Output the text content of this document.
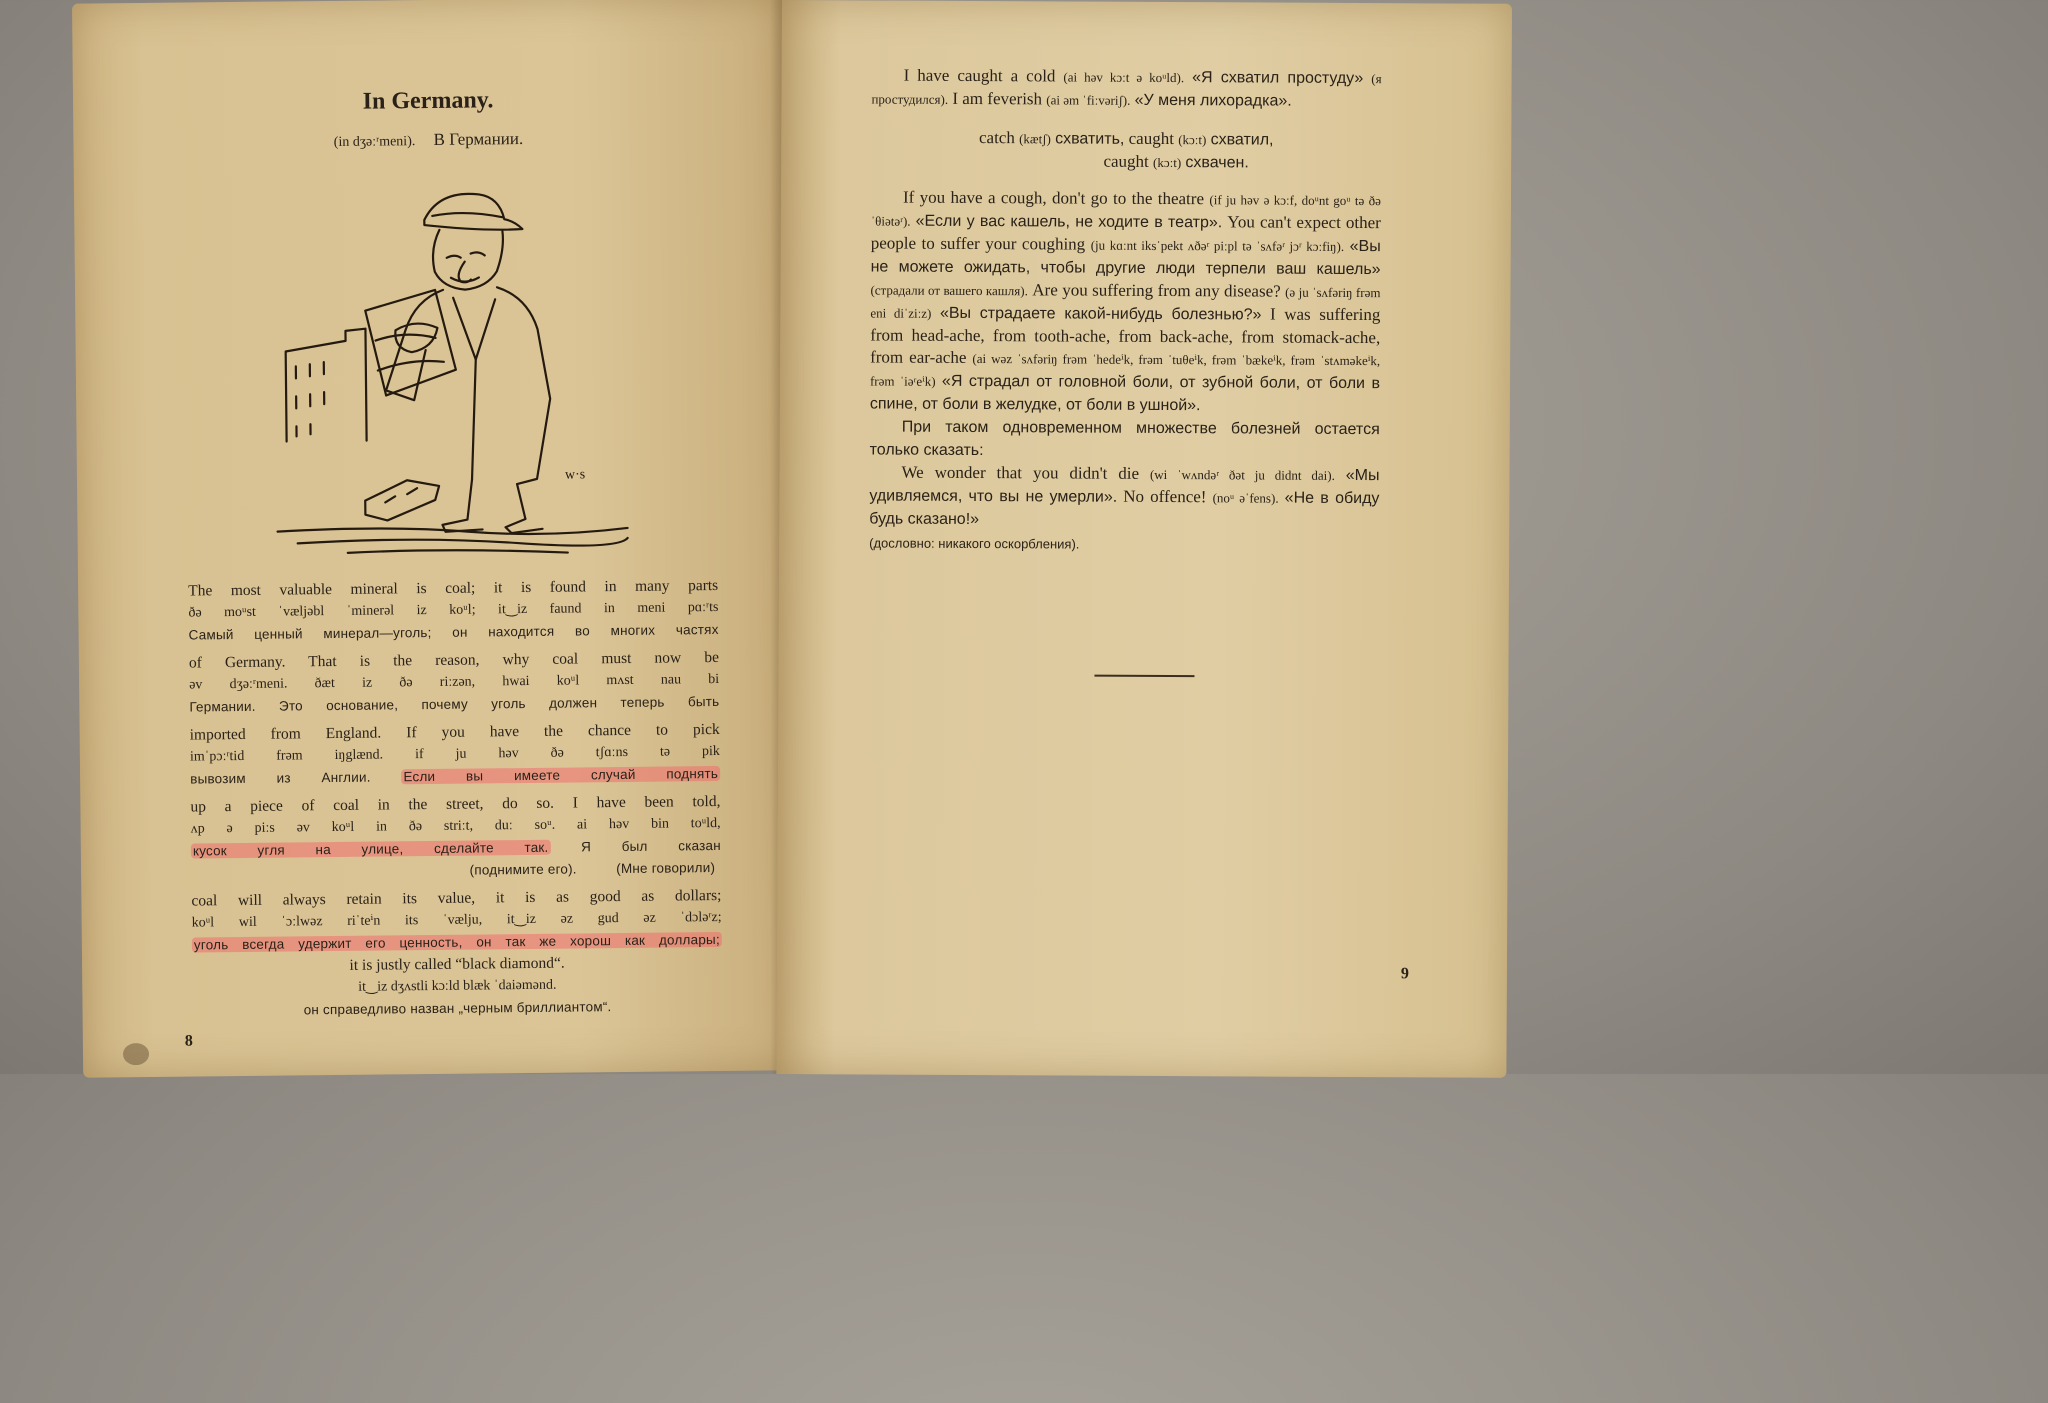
In Germany.
(in dʒəːʳmeni). В Германии.
w·s
The most valuable mineral is coal; it is found in many parts
ðə moᵘst ˈvæljəbl ˈminerəl iz koᵘl; it‿iz faund in meni pɑːʳts
Самый ценный минерал—уголь; он находится во многих частях
of Germany. That is the reason, why coal must now be
əv dʒəːʳmeni. ðæt iz ðə riːzən, hwai koᵘl mʌst nau bi
Германии. Это основание, почему уголь должен теперь быть
imported from England. If you have the chance to pick
imˈpɔːʳtid frəm iŋglænd. if ju həv ðə tʃɑːns tə pik
вывозим из Англии. Если вы имеете случай поднять
up a piece of coal in the street, do so. I have been told,
ʌp ə piːs əv koᵘl in ðə striːt, duː soᵘ. ai həv bin toᵘld,
кусок угля на улице, сделайте так. Я был сказан
(поднимите его).	(Мне говорили)
coal will always retain its value, it is as good as dollars;
koᵘl wil ˈɔːlwəz riˈteⁱn its ˈvælju, it‿iz əz gud əz ˈdɔləʳz;
уголь всегда удержит его ценность, он так же хорош как доллары;
it is justly called “black diamond“.
it‿iz dʒʌstli kɔːld blæk ˈdaiəmənd.
он справедливо назван „черным бриллиантом“.
8

I have caught a cold (ai həv kɔːt ə koᵘld). «Я схватил простуду» (я простудился). I am feverish (ai əm ˈfiːvəriʃ). «У меня лихорадка».

catch (kætʃ) схватить, caught (kɔːt) схватил,
caught (kɔːt) схвачен.

If you have a cough, don't go to the theatre (if ju həv ə kɔːf, doᵘnt goᵘ tə ðə ˈθiətəʳ). «Если у вас кашель, не ходите в театр». You can't expect other people to suffer your coughing (ju kɑːnt iksˈpekt ʌðəʳ piːpl tə ˈsʌfəʳ jɔʳ kɔːfiŋ). «Вы не можете ожидать, чтобы другие люди терпели ваш кашель» (страдали от вашего кашля). Are you suffering from any disease? (ə ju ˈsʌfəriŋ frəm eni diˈziːz) «Вы страдаете какой-нибудь болезнью?» I was suffering from head-ache, from tooth-ache, from back-ache, from stomack-ache, from ear-ache (ai wəz ˈsʌfəriŋ frəm ˈhedeⁱk, frəm ˈtuθeⁱk, frəm ˈbækeⁱk, frəm ˈstʌməkeⁱk, frəm ˈiəʳeⁱk) «Я страдал от головной боли, от зубной боли, от боли в спине, от боли в желудке, от боли в ушной».

При таком одновременном множестве болезней остается только сказать:

We wonder that you didn't die (wi ˈwʌndəʳ ðət ju didnt dai). «Мы удивляемся, что вы не умерли». No offence! (noᵘ əˈfens). «Не в обиду будь сказано!»

(дословно: никакого оскорбления).

9
